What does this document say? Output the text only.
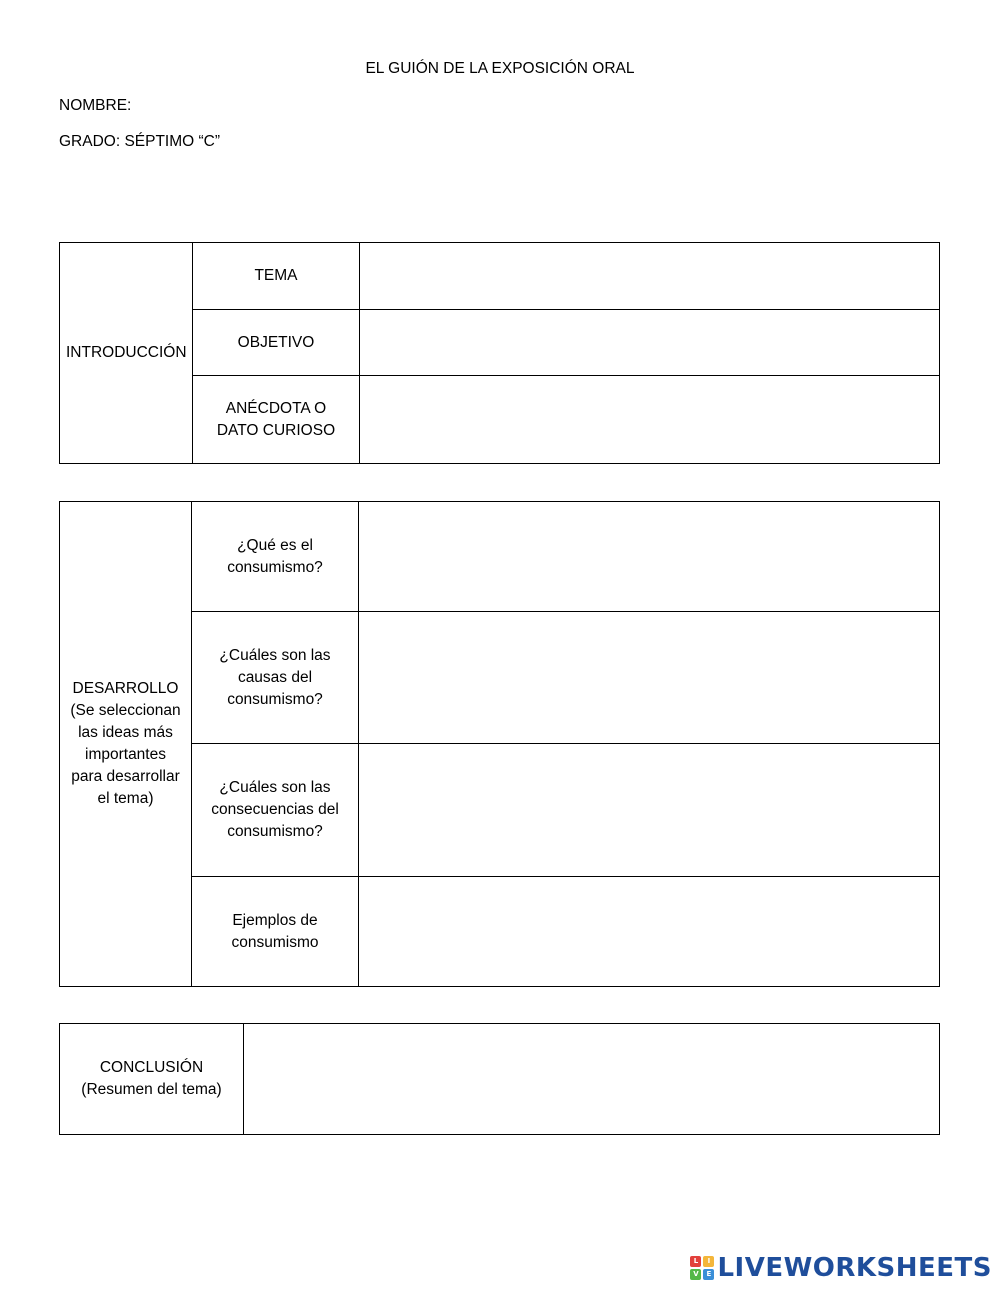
EL GUIÓN DE LA EXPOSICIÓN ORAL
NOMBRE:
GRADO: SÉPTIMO “C”
INTRODUCCIÓN	TEMA	
	OBJETIVO	
	ANÉCDOTA O DATO CURIOSO	
DESARROLLO (Se seleccionan las ideas más importantes para desarrollar el tema)	¿Qué es el consumismo?	
	¿Cuáles son las causas del consumismo?	
	¿Cuáles son las consecuencias del consumismo?	
	Ejemplos de consumismo	
CONCLUSIÓN (Resumen del tema)	
L	I
V	E LIVEWORKSHEETS
